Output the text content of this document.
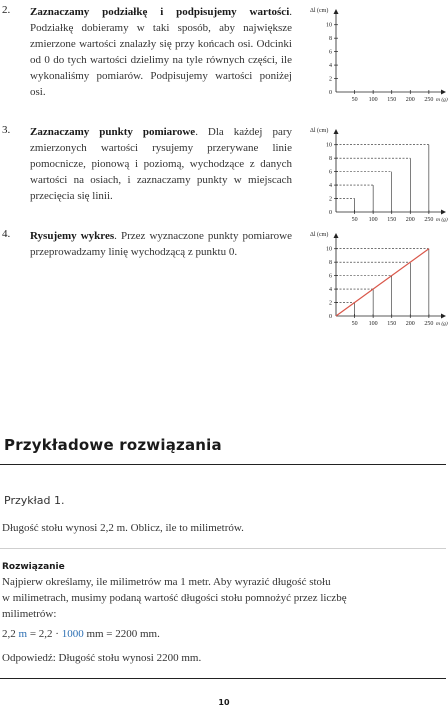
2. Zaznaczamy podziałkę i podpisujemy wartości. Podziałkę dobieramy w taki sposób, aby największe zmierzone wartości znalazły się przy końcach osi. Odcinki od 0 do tych wartości dzielimy na tyle równych części, ile wykonaliśmy pomiarów. Podpisujemy wartości poniżej osi.
Δl (cm)
0
2
4
6
8
10
50 100 150 200 250 m (g)
3. Zaznaczamy punkty pomiarowe. Dla każdej pary zmierzonych wartości rysujemy przerywane linie pomocnicze, pionową i poziomą, wychodzące z danych wartości na osiach, i zaznaczamy punkty w miejscach przecięcia się linii.
Δl (cm)
0
2
4
6
8
10
50 100 150 200 250 m (g)
4. Rysujemy wykres. Przez wyznaczone punkty pomiarowe przeprowadzamy linię wychodzącą z punktu 0.
Δl (cm)
0
2
4
6
8
10
50 100 150 200 250 m (g)
Przykładowe rozwiązania
Przykład 1.
Długość stołu wynosi 2,2 m. Oblicz, ile to milimetrów.
Rozwiązanie
Najpierw określamy, ile milimetrów ma 1 metr. Aby wyrazić długość stołu
w milimetrach, musimy podaną wartość długości stołu pomnożyć przez liczbę
milimetrów:
2,2 m = 2,2 · 1000 mm = 2200 mm.
Odpowiedź: Długość stołu wynosi 2200 mm.
10
